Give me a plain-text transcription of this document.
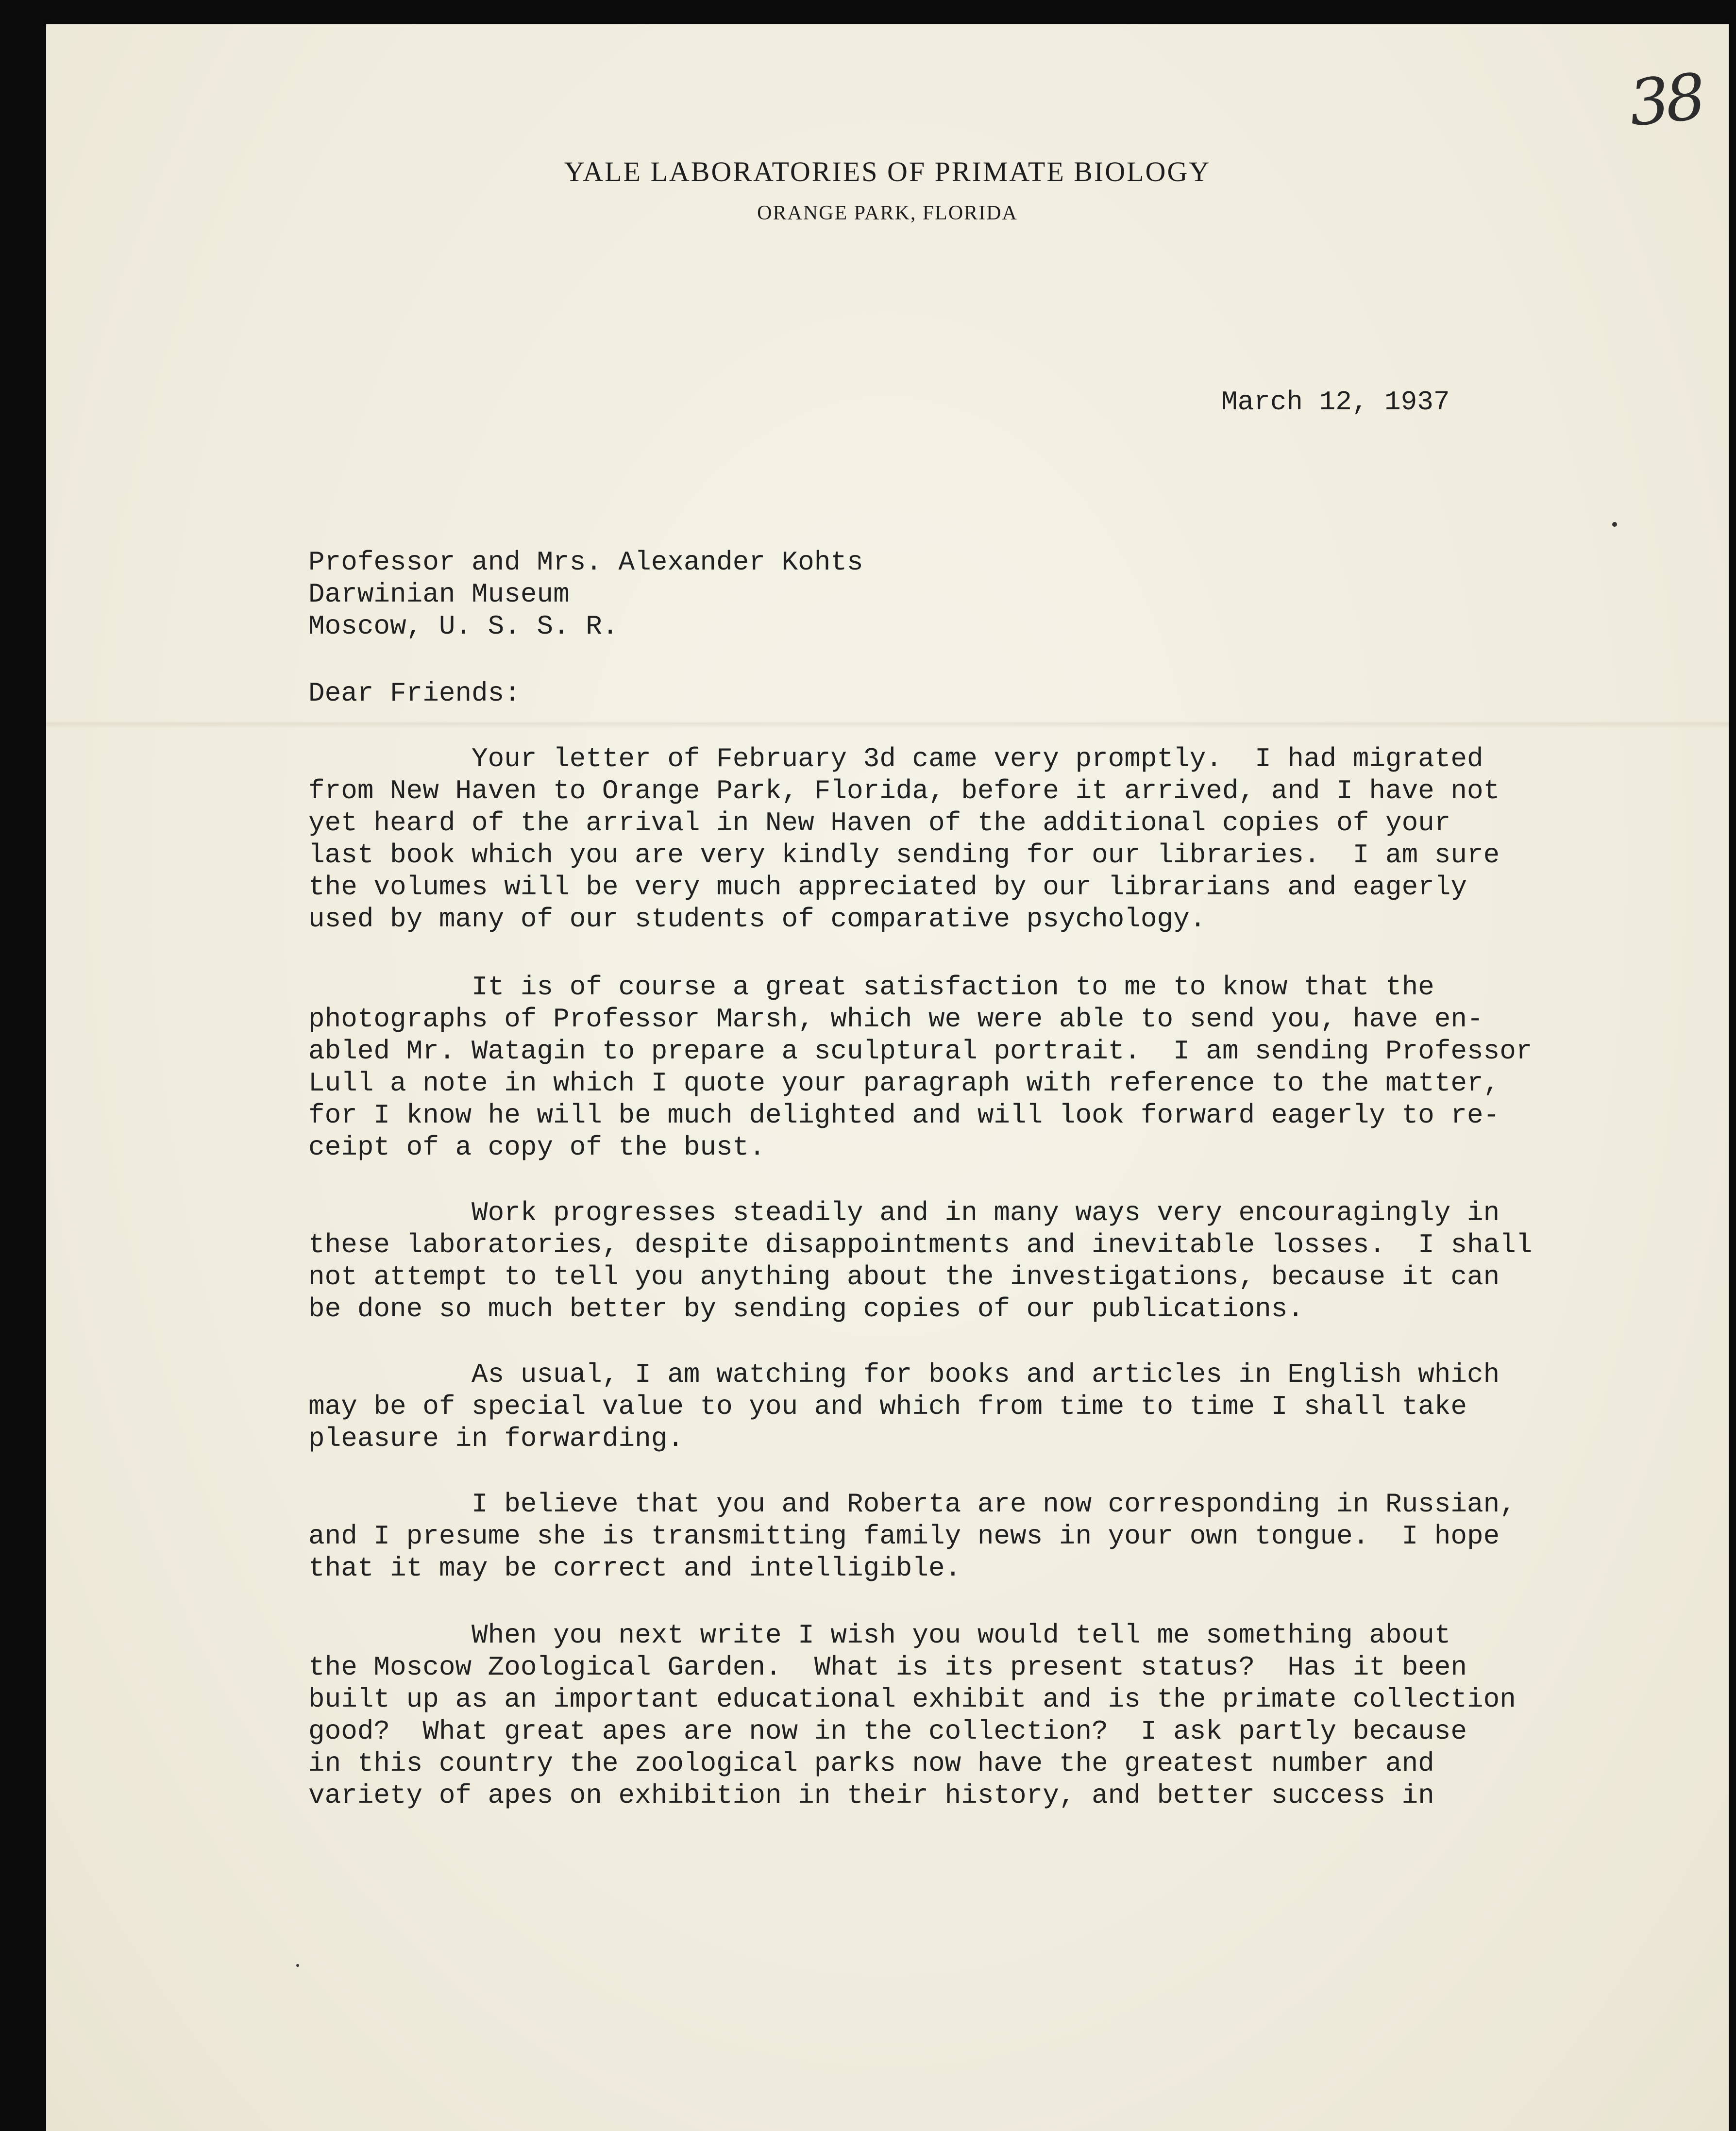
38
YALE LABORATORIES OF PRIMATE BIOLOGY
ORANGE PARK, FLORIDA
March 12, 1937
Professor and Mrs. Alexander Kohts
Darwinian Museum
Moscow, U. S. S. R.
Dear Friends:
Your letter of February 3d came very promptly.  I had migrated
from New Haven to Orange Park, Florida, before it arrived, and I have not
yet heard of the arrival in New Haven of the additional copies of your
last book which you are very kindly sending for our libraries.  I am sure
the volumes will be very much appreciated by our librarians and eagerly
used by many of our students of comparative psychology.
It is of course a great satisfaction to me to know that the
photographs of Professor Marsh, which we were able to send you, have en-
abled Mr. Watagin to prepare a sculptural portrait.  I am sending Professor
Lull a note in which I quote your paragraph with reference to the matter,
for I know he will be much delighted and will look forward eagerly to re-
ceipt of a copy of the bust.
Work progresses steadily and in many ways very encouragingly in
these laboratories, despite disappointments and inevitable losses.  I shall
not attempt to tell you anything about the investigations, because it can
be done so much better by sending copies of our publications.
As usual, I am watching for books and articles in English which
may be of special value to you and which from time to time I shall take
pleasure in forwarding.
I believe that you and Roberta are now corresponding in Russian,
and I presume she is transmitting family news in your own tongue.  I hope
that it may be correct and intelligible.
When you next write I wish you would tell me something about
the Moscow Zoological Garden.  What is its present status?  Has it been
built up as an important educational exhibit and is the primate collection
good?  What great apes are now in the collection?  I ask partly because
in this country the zoological parks now have the greatest number and
variety of apes on exhibition in their history, and better success in
